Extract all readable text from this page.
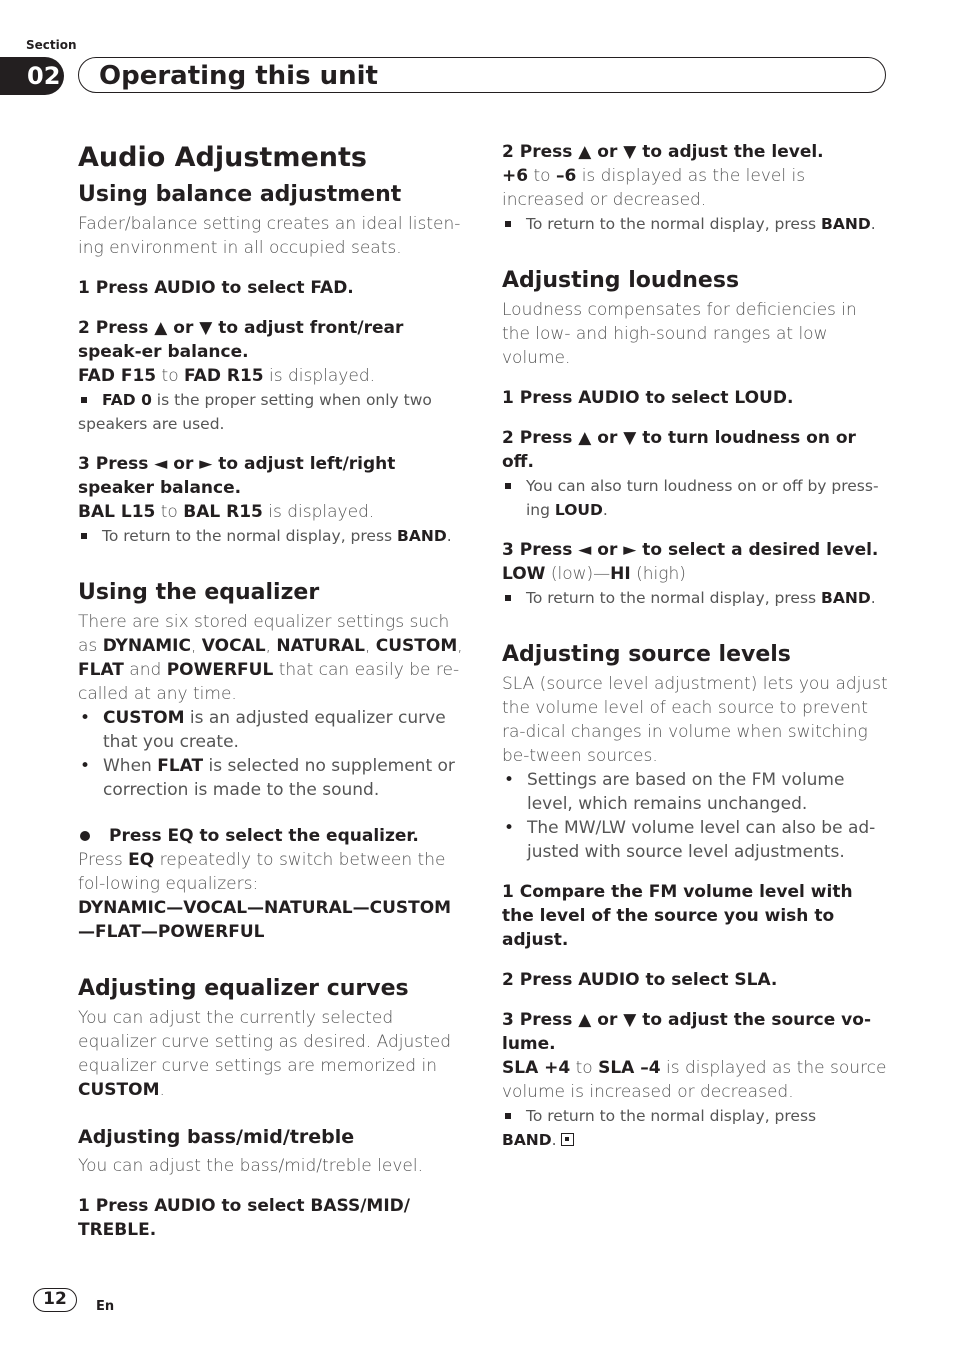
Section
02	Operating this unit
Audio Adjustments
Using balance adjustment

Fader/balance setting creates an ideal listen-ing environment in all occupied seats.

1 Press AUDIO to select FAD.

2 Press ▲ or ▼ to adjust front/rear speak-er balance.

FAD F15 to FAD R15 is displayed.

FAD 0 is the proper setting when only two speakers are used.

3 Press ◄ or ► to adjust left/right speaker balance.

BAL L15 to BAL R15 is displayed.

To return to the normal display, press BAND.

Using the equalizer

There are six stored equalizer settings such as DYNAMIC, VOCAL, NATURAL, CUSTOM, FLAT and POWERFUL that can easily be re-called at any time.

• CUSTOM is an adjusted equalizer curve that you create.

• When FLAT is selected no supplement or correction is made to the sound.

Press EQ to select the equalizer.

Press EQ repeatedly to switch between the fol-lowing equalizers:

DYNAMIC—VOCAL—NATURAL—CUSTOM—FLAT—POWERFUL

Adjusting equalizer curves

You can adjust the currently selected equalizer curve setting as desired. Adjusted equalizer curve settings are memorized in CUSTOM.

Adjusting bass/mid/treble

You can adjust the bass/mid/treble level.

1 Press AUDIO to select BASS/MID/ TREBLE.

2 Press ▲ or ▼ to adjust the level.

+6 to –6 is displayed as the level is increased or decreased.

To return to the normal display, press BAND.

Adjusting loudness

Loudness compensates for deficiencies in the low- and high-sound ranges at low volume.

1 Press AUDIO to select LOUD.

2 Press ▲ or ▼ to turn loudness on or off.

You can also turn loudness on or off by press-ing LOUD.

3 Press ◄ or ► to select a desired level.

LOW (low)—HI (high)

To return to the normal display, press BAND.

Adjusting source levels

SLA (source level adjustment) lets you adjust the volume level of each source to prevent ra-dical changes in volume when switching be-tween sources.

• Settings are based on the FM volume level, which remains unchanged.

• The MW/LW volume level can also be ad-justed with source level adjustments.

1 Compare the FM volume level with the level of the source you wish to adjust.

2 Press AUDIO to select SLA.

3 Press ▲ or ▼ to adjust the source vo-lume.

SLA +4 to SLA –4 is displayed as the source volume is increased or decreased.

To return to the normal display, press
BAND.

12	En
